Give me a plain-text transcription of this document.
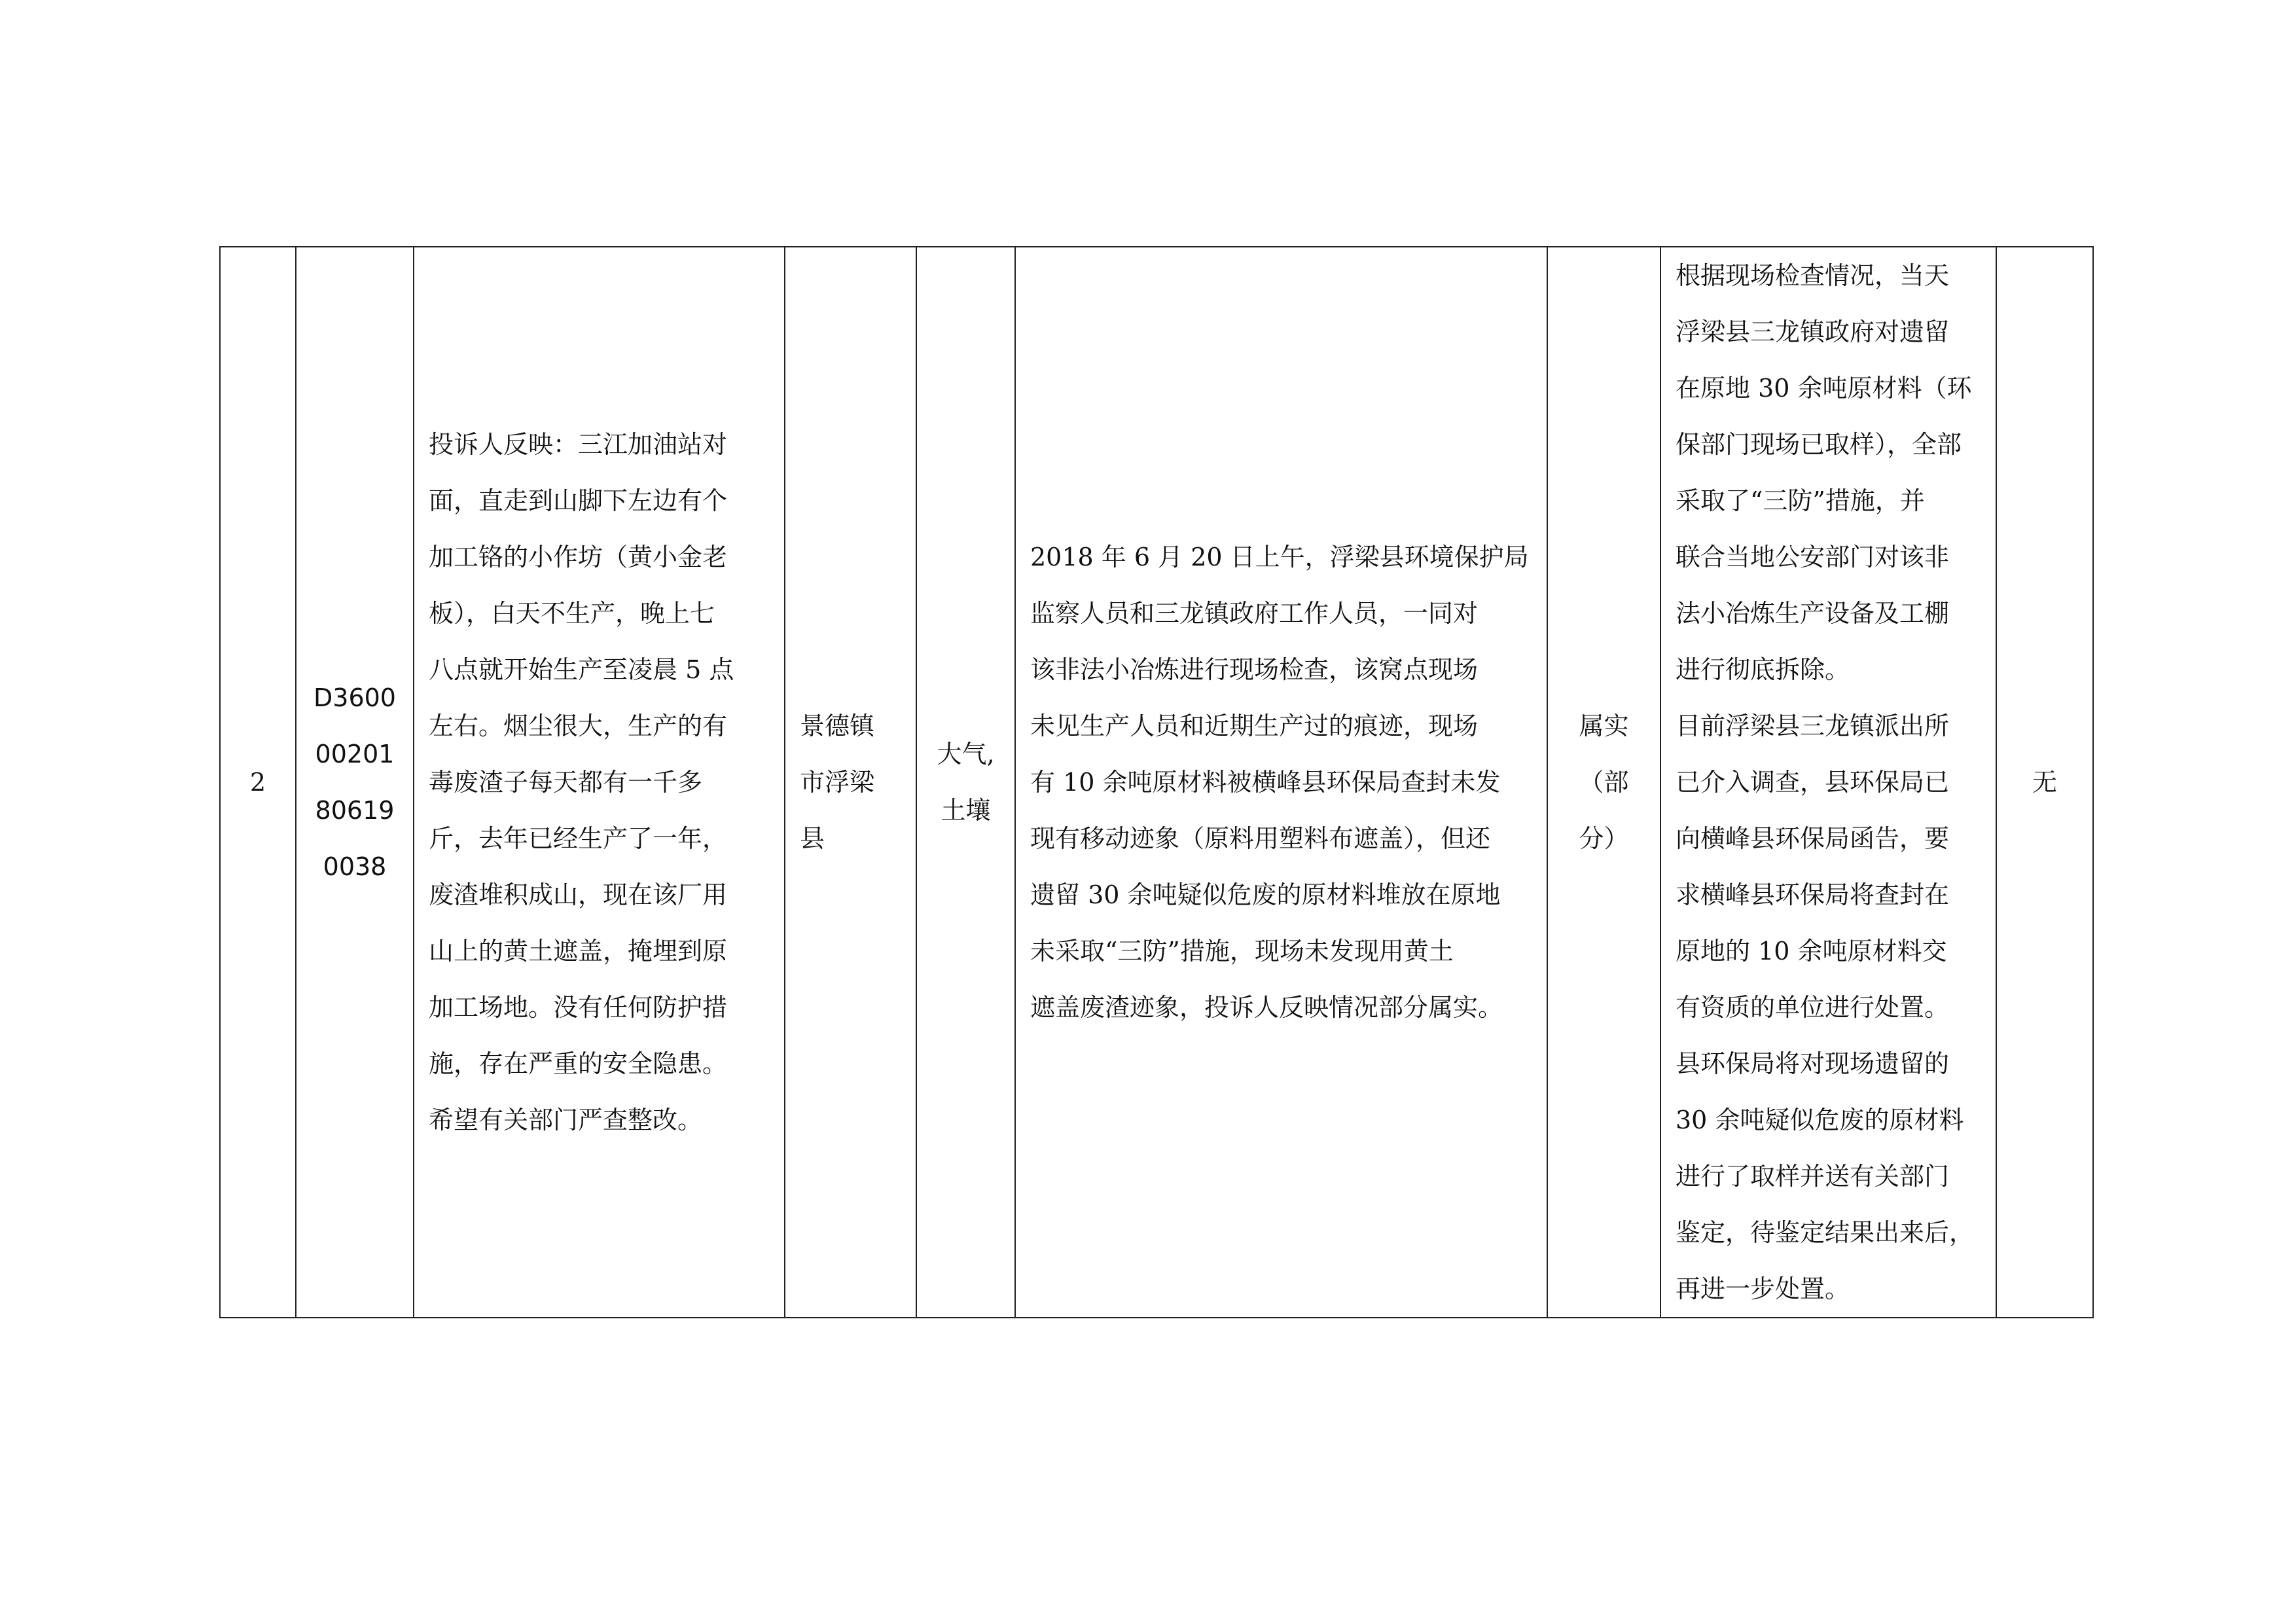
2	
D3600
00201
80619
0038

投诉人反映：三江加油站对
面，直走到山脚下左边有个
加工铬的小作坊（黄小金老
板），白天不生产，晚上七
八点就开始生产至凌晨 5 点
左右。烟尘很大，生产的有
毒废渣子每天都有一千多
斤，去年已经生产了一年，
废渣堆积成山，现在该厂用
山上的黄土遮盖，掩埋到原
加工场地。没有任何防护措
施，存在严重的安全隐患。
希望有关部门严查整改。

景德镇
市浮梁
县

大气,
土壤

2018 年 6 月 20 日上午，浮梁县环境保护局
监察人员和三龙镇政府工作人员，一同对
该非法小冶炼进行现场检查，该窝点现场
未见生产人员和近期生产过的痕迹，现场
有 10 余吨原材料被横峰县环保局查封未发
现有移动迹象（原料用塑料布遮盖），但还
遗留 30 余吨疑似危废的原材料堆放在原地
未采取“三防”措施，现场未发现用黄土
遮盖废渣迹象，投诉人反映情况部分属实。

属实
（部
分）

根据现场检查情况，当天
浮梁县三龙镇政府对遗留
在原地 30 余吨原材料（环
保部门现场已取样），全部
采取了“三防”措施，并
联合当地公安部门对该非
法小冶炼生产设备及工棚
进行彻底拆除。
目前浮梁县三龙镇派出所
已介入调查，县环保局已
向横峰县环保局函告，要
求横峰县环保局将查封在
原地的 10 余吨原材料交
有资质的单位进行处置。
县环保局将对现场遗留的
30 余吨疑似危废的原材料
进行了取样并送有关部门
鉴定，待鉴定结果出来后，
再进一步处置。
	无
